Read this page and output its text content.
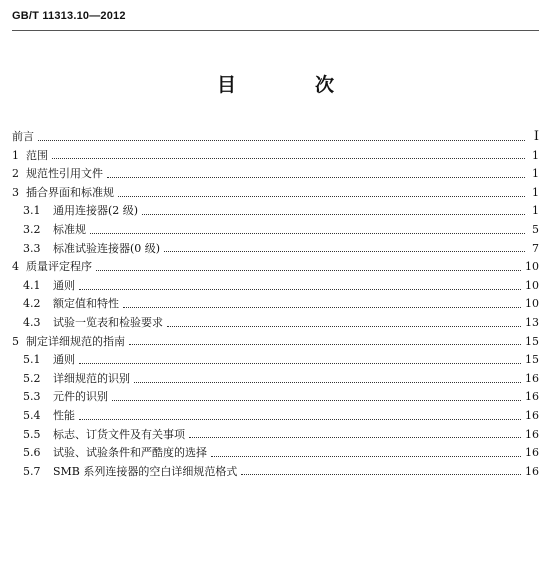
GB/T 11313.10—2012
目　次
前言	Ⅰ
1 范围	1
2 规范性引用文件	1
3 插合界面和标准规	1
3.1	通用连接器(2 级)	1
3.2	标准规	5
3.3	标准试验连接器(0 级)	7
4 质量评定程序	10
4.1	通则	10
4.2	额定值和特性	10
4.3	试验一览表和检验要求	13
5 制定详细规范的指南	15
5.1	通则	15
5.2	详细规范的识别	16
5.3	元件的识别	16
5.4	性能	16
5.5	标志、订货文件及有关事项	16
5.6	试验、试验条件和严酷度的选择	16
5.7	SMB 系列连接器的空白详细规范格式	16
